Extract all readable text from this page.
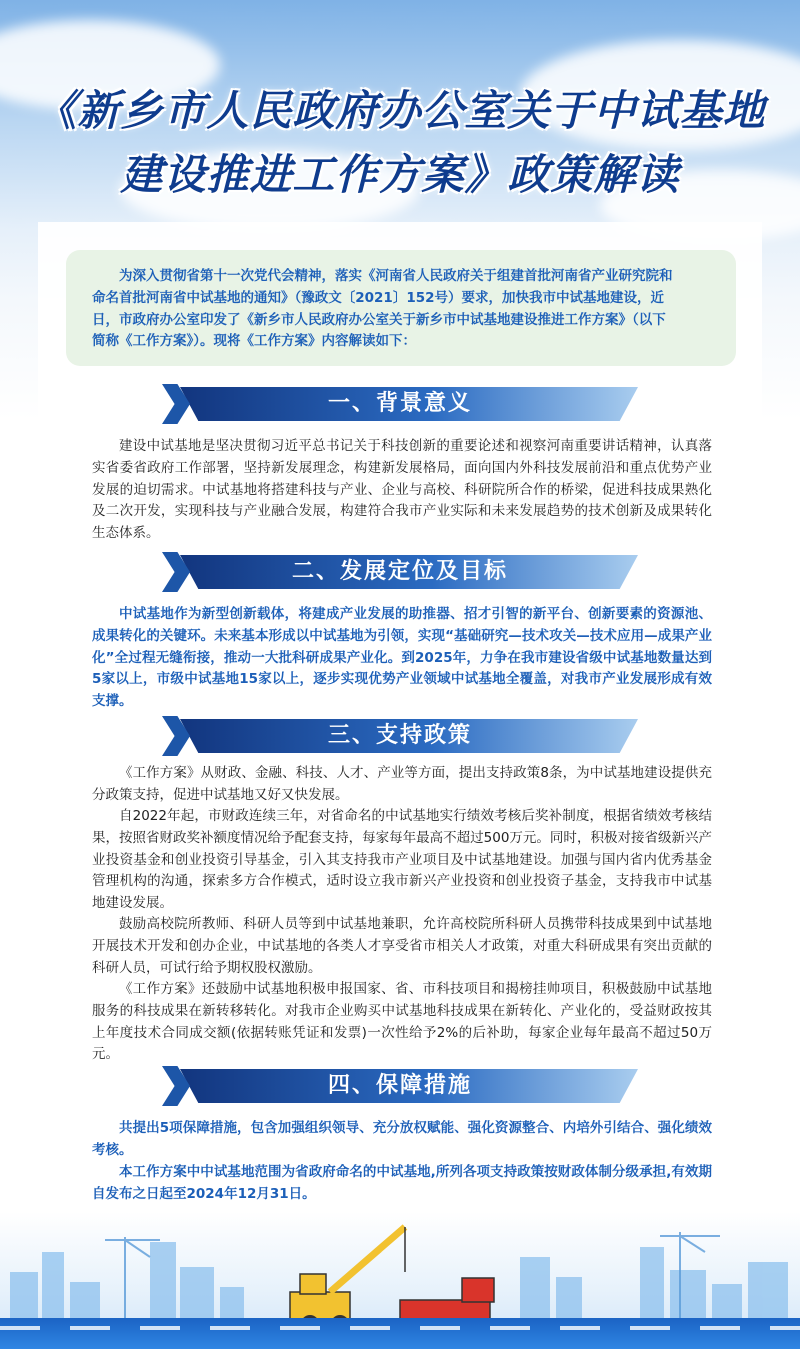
《新乡市人民政府办公室关于中试基地
建设推进工作方案》政策解读
为深入贯彻省第十一次党代会精神，落实《河南省人民政府关于组建首批河南省产业研究院和
命名首批河南省中试基地的通知》（豫政文〔2021〕152号）要求，加快我市中试基地建设，近
日，市政府办公室印发了《新乡市人民政府办公室关于新乡市中试基地建设推进工作方案》（以下
简称《工作方案》）。现将《工作方案》内容解读如下：
一、背景意义

建设中试基地是坚决贯彻习近平总书记关于科技创新的重要论述和视察河南重要讲话精神，认真落实省委省政府工作部署，坚持新发展理念，构建新发展格局，面向国内外科技发展前沿和重点优势产业发展的迫切需求。中试基地将搭建科技与产业、企业与高校、科研院所合作的桥梁，促进科技成果熟化及二次开发，实现科技与产业融合发展，构建符合我市产业实际和未来发展趋势的技术创新及成果转化生态体系。

二、发展定位及目标

中试基地作为新型创新载体，将建成产业发展的助推器、招才引智的新平台、创新要素的资源池、成果转化的关键环。未来基本形成以中试基地为引领，实现“基础研究—技术攻关—技术应用—成果产业化”全过程无缝衔接，推动一大批科研成果产业化。到2025年，力争在我市建设省级中试基地数量达到5家以上，市级中试基地15家以上，逐步实现优势产业领域中试基地全覆盖，对我市产业发展形成有效支撑。

三、支持政策

《工作方案》从财政、金融、科技、人才、产业等方面，提出支持政策8条，为中试基地建设提供充分政策支持，促进中试基地又好又快发展。

自2022年起，市财政连续三年，对省命名的中试基地实行绩效考核后奖补制度，根据省绩效考核结果，按照省财政奖补额度情况给予配套支持，每家每年最高不超过500万元。同时，积极对接省级新兴产业投资基金和创业投资引导基金，引入其支持我市产业项目及中试基地建设。加强与国内省内优秀基金管理机构的沟通，探索多方合作模式，适时设立我市新兴产业投资和创业投资子基金，支持我市中试基地建设发展。

鼓励高校院所教师、科研人员等到中试基地兼职，允许高校院所科研人员携带科技成果到中试基地开展技术开发和创办企业，中试基地的各类人才享受省市相关人才政策，对重大科研成果有突出贡献的科研人员，可试行给予期权股权激励。

《工作方案》还鼓励中试基地积极申报国家、省、市科技项目和揭榜挂帅项目，积极鼓励中试基地服务的科技成果在新转移转化。对我市企业购买中试基地科技成果在新转化、产业化的，受益财政按其上年度技术合同成交额(依据转账凭证和发票)一次性给予2%的后补助，每家企业每年最高不超过50万元。

四、保障措施

共提出5项保障措施，包含加强组织领导、充分放权赋能、强化资源整合、内培外引结合、强化绩效考核。

本工作方案中中试基地范围为省政府命名的中试基地,所列各项支持政策按财政体制分级承担,有效期自发布之日起至2024年12月31日。
